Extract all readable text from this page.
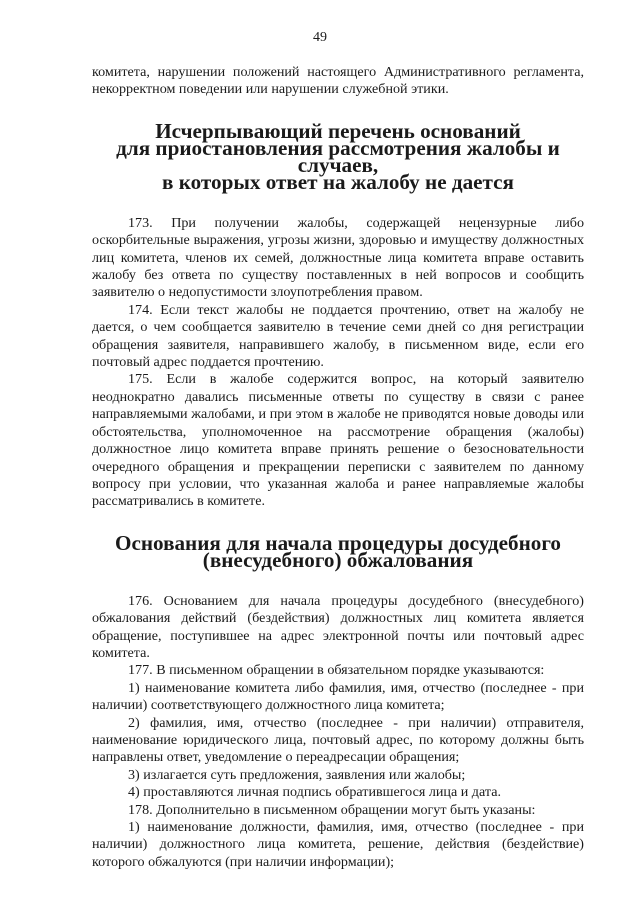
49

комитета, нарушении положений настоящего Административного регламента, некорректном поведении или нарушении служебной этики.

Исчерпывающий перечень оснований
для приостановления рассмотрения жалобы и случаев,
в которых ответ на жалобу не дается

173. При получении жалобы, содержащей нецензурные либо оскорбительные выражения, угрозы жизни, здоровью и имуществу должностных лиц комитета, членов их семей, должностные лица комитета вправе оставить жалобу без ответа по существу поставленных в ней вопросов и сообщить заявителю о недопустимости злоупотребления правом.

174. Если текст жалобы не поддается прочтению, ответ на жалобу не дается, о чем сообщается заявителю в течение семи дней со дня регистрации обращения заявителя, направившего жалобу, в письменном виде, если его почтовый адрес поддается прочтению.

175. Если в жалобе содержится вопрос, на который заявителю неоднократно давались письменные ответы по существу в связи с ранее направляемыми жалобами, и при этом в жалобе не приводятся новые доводы или обстоятельства, уполномоченное на рассмотрение обращения (жалобы) должностное лицо комитета вправе принять решение о безосновательности очередного обращения и прекращении переписки с заявителем по данному вопросу при условии, что указанная жалоба и ранее направляемые жалобы рассматривались в комитете.

Основания для начала процедуры досудебного
(внесудебного) обжалования

176. Основанием для начала процедуры досудебного (внесудебного) обжалования действий (бездействия) должностных лиц комитета является обращение, поступившее на адрес электронной почты или почтовый адрес комитета.

177. В письменном обращении в обязательном порядке указываются:

1) наименование комитета либо фамилия, имя, отчество (последнее - при наличии) соответствующего должностного лица комитета;

2) фамилия, имя, отчество (последнее - при наличии) отправителя, наименование юридического лица, почтовый адрес, по которому должны быть направлены ответ, уведомление о переадресации обращения;

3) излагается суть предложения, заявления или жалобы;

4) проставляются личная подпись обратившегося лица и дата.

178. Дополнительно в письменном обращении могут быть указаны:

1) наименование должности, фамилия, имя, отчество (последнее - при наличии) должностного лица комитета, решение, действия (бездействие) которого обжалуются (при наличии информации);
